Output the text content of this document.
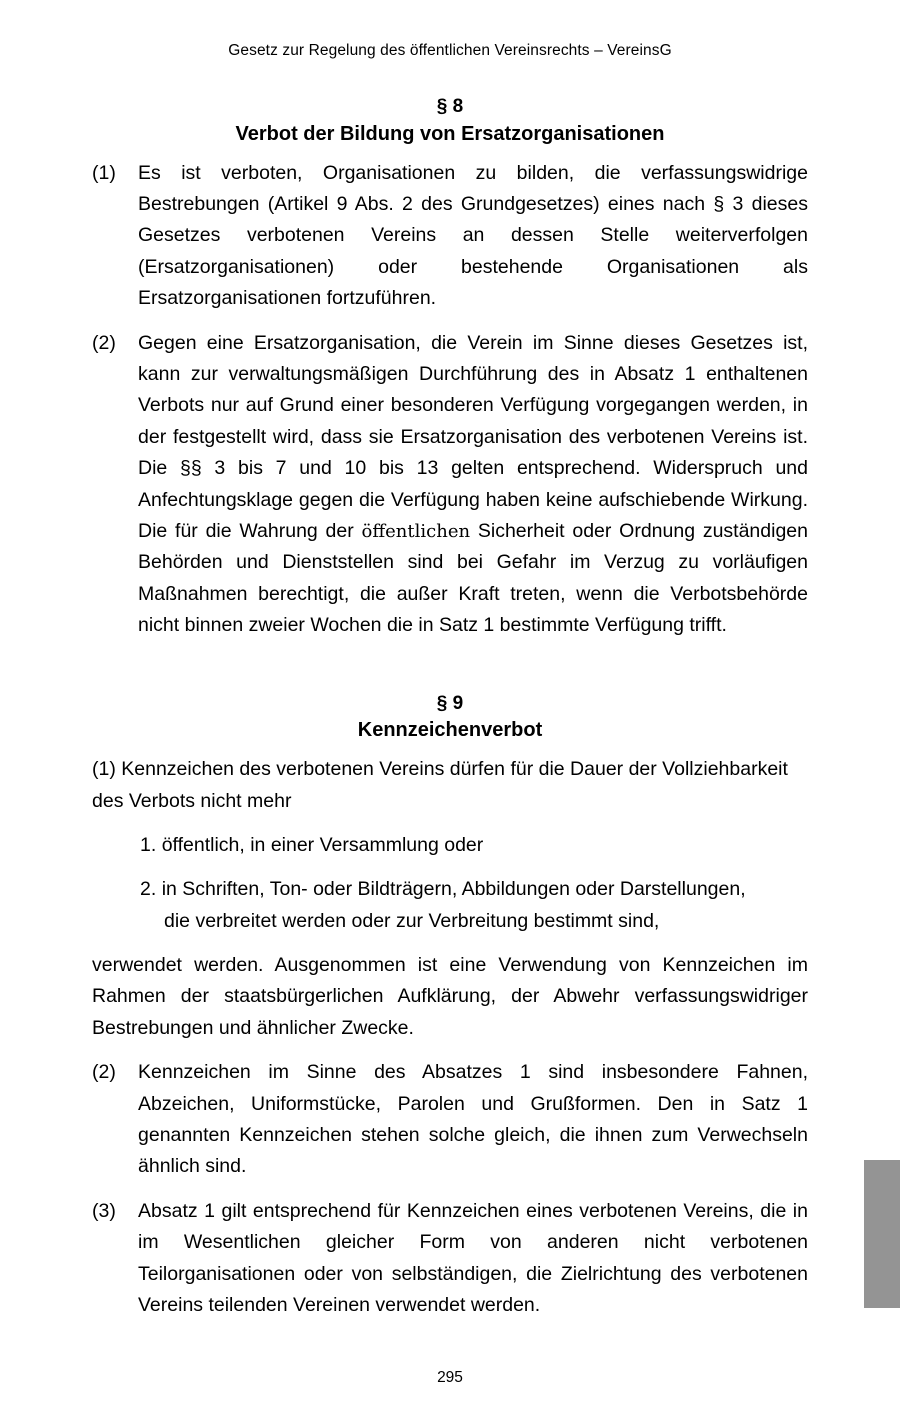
Gesetz zur Regelung des öffentlichen Vereinsrechts – VereinsG
§ 8
Verbot der Bildung von Ersatzorganisationen
(1)	Es ist verboten, Organisationen zu bilden, die verfassungswidrige Bestrebungen (Artikel 9 Abs. 2 des Grundgesetzes) eines nach § 3 dieses Gesetzes verbotenen Vereins an dessen Stelle weiterverfolgen (Ersatzorganisationen) oder bestehende Organisationen als Ersatzorganisationen fortzuführen.
(2)	Gegen eine Ersatzorganisation, die Verein im Sinne dieses Gesetzes ist, kann zur verwaltungsmäßigen Durchführung des in Absatz 1 enthaltenen Verbots nur auf Grund einer besonderen Verfügung vorgegangen werden, in der festgestellt wird, dass sie Ersatzorganisation des verbotenen Vereins ist. Die §§ 3 bis 7 und 10 bis 13 gelten entsprechend. Widerspruch und Anfechtungsklage gegen die Verfügung haben keine aufschiebende Wirkung. Die für die Wahrung der öffentlichen Sicherheit oder Ordnung zuständigen Behörden und Dienststellen sind bei Gefahr im Verzug zu vorläufigen Maßnahmen berechtigt, die außer Kraft treten, wenn die Verbotsbehörde nicht binnen zweier Wochen die in Satz 1 bestimmte Verfügung trifft.
§ 9
Kennzeichenverbot
(1) Kennzeichen des verbotenen Vereins dürfen für die Dauer der Vollziehbarkeit des Verbots nicht mehr
1. öffentlich, in einer Versammlung oder
2. in Schriften, Ton- oder Bildträgern, Abbildungen oder Darstellungen,
die verbreitet werden oder zur Verbreitung bestimmt sind,
verwendet werden. Ausgenommen ist eine Verwendung von Kennzeichen im Rahmen der staatsbürgerlichen Aufklärung, der Abwehr verfassungswidriger Bestrebungen und ähnlicher Zwecke.
(2)	Kennzeichen im Sinne des Absatzes 1 sind insbesondere Fahnen, Abzeichen, Uniformstücke, Parolen und Grußformen. Den in Satz 1 genannten Kennzeichen stehen solche gleich, die ihnen zum Verwechseln ähnlich sind.
(3)	Absatz 1 gilt entsprechend für Kennzeichen eines verbotenen Vereins, die in im Wesentlichen gleicher Form von anderen nicht verbotenen Teilorganisationen oder von selbständigen, die Zielrichtung des verbotenen Vereins teilenden Vereinen verwendet werden.
295
